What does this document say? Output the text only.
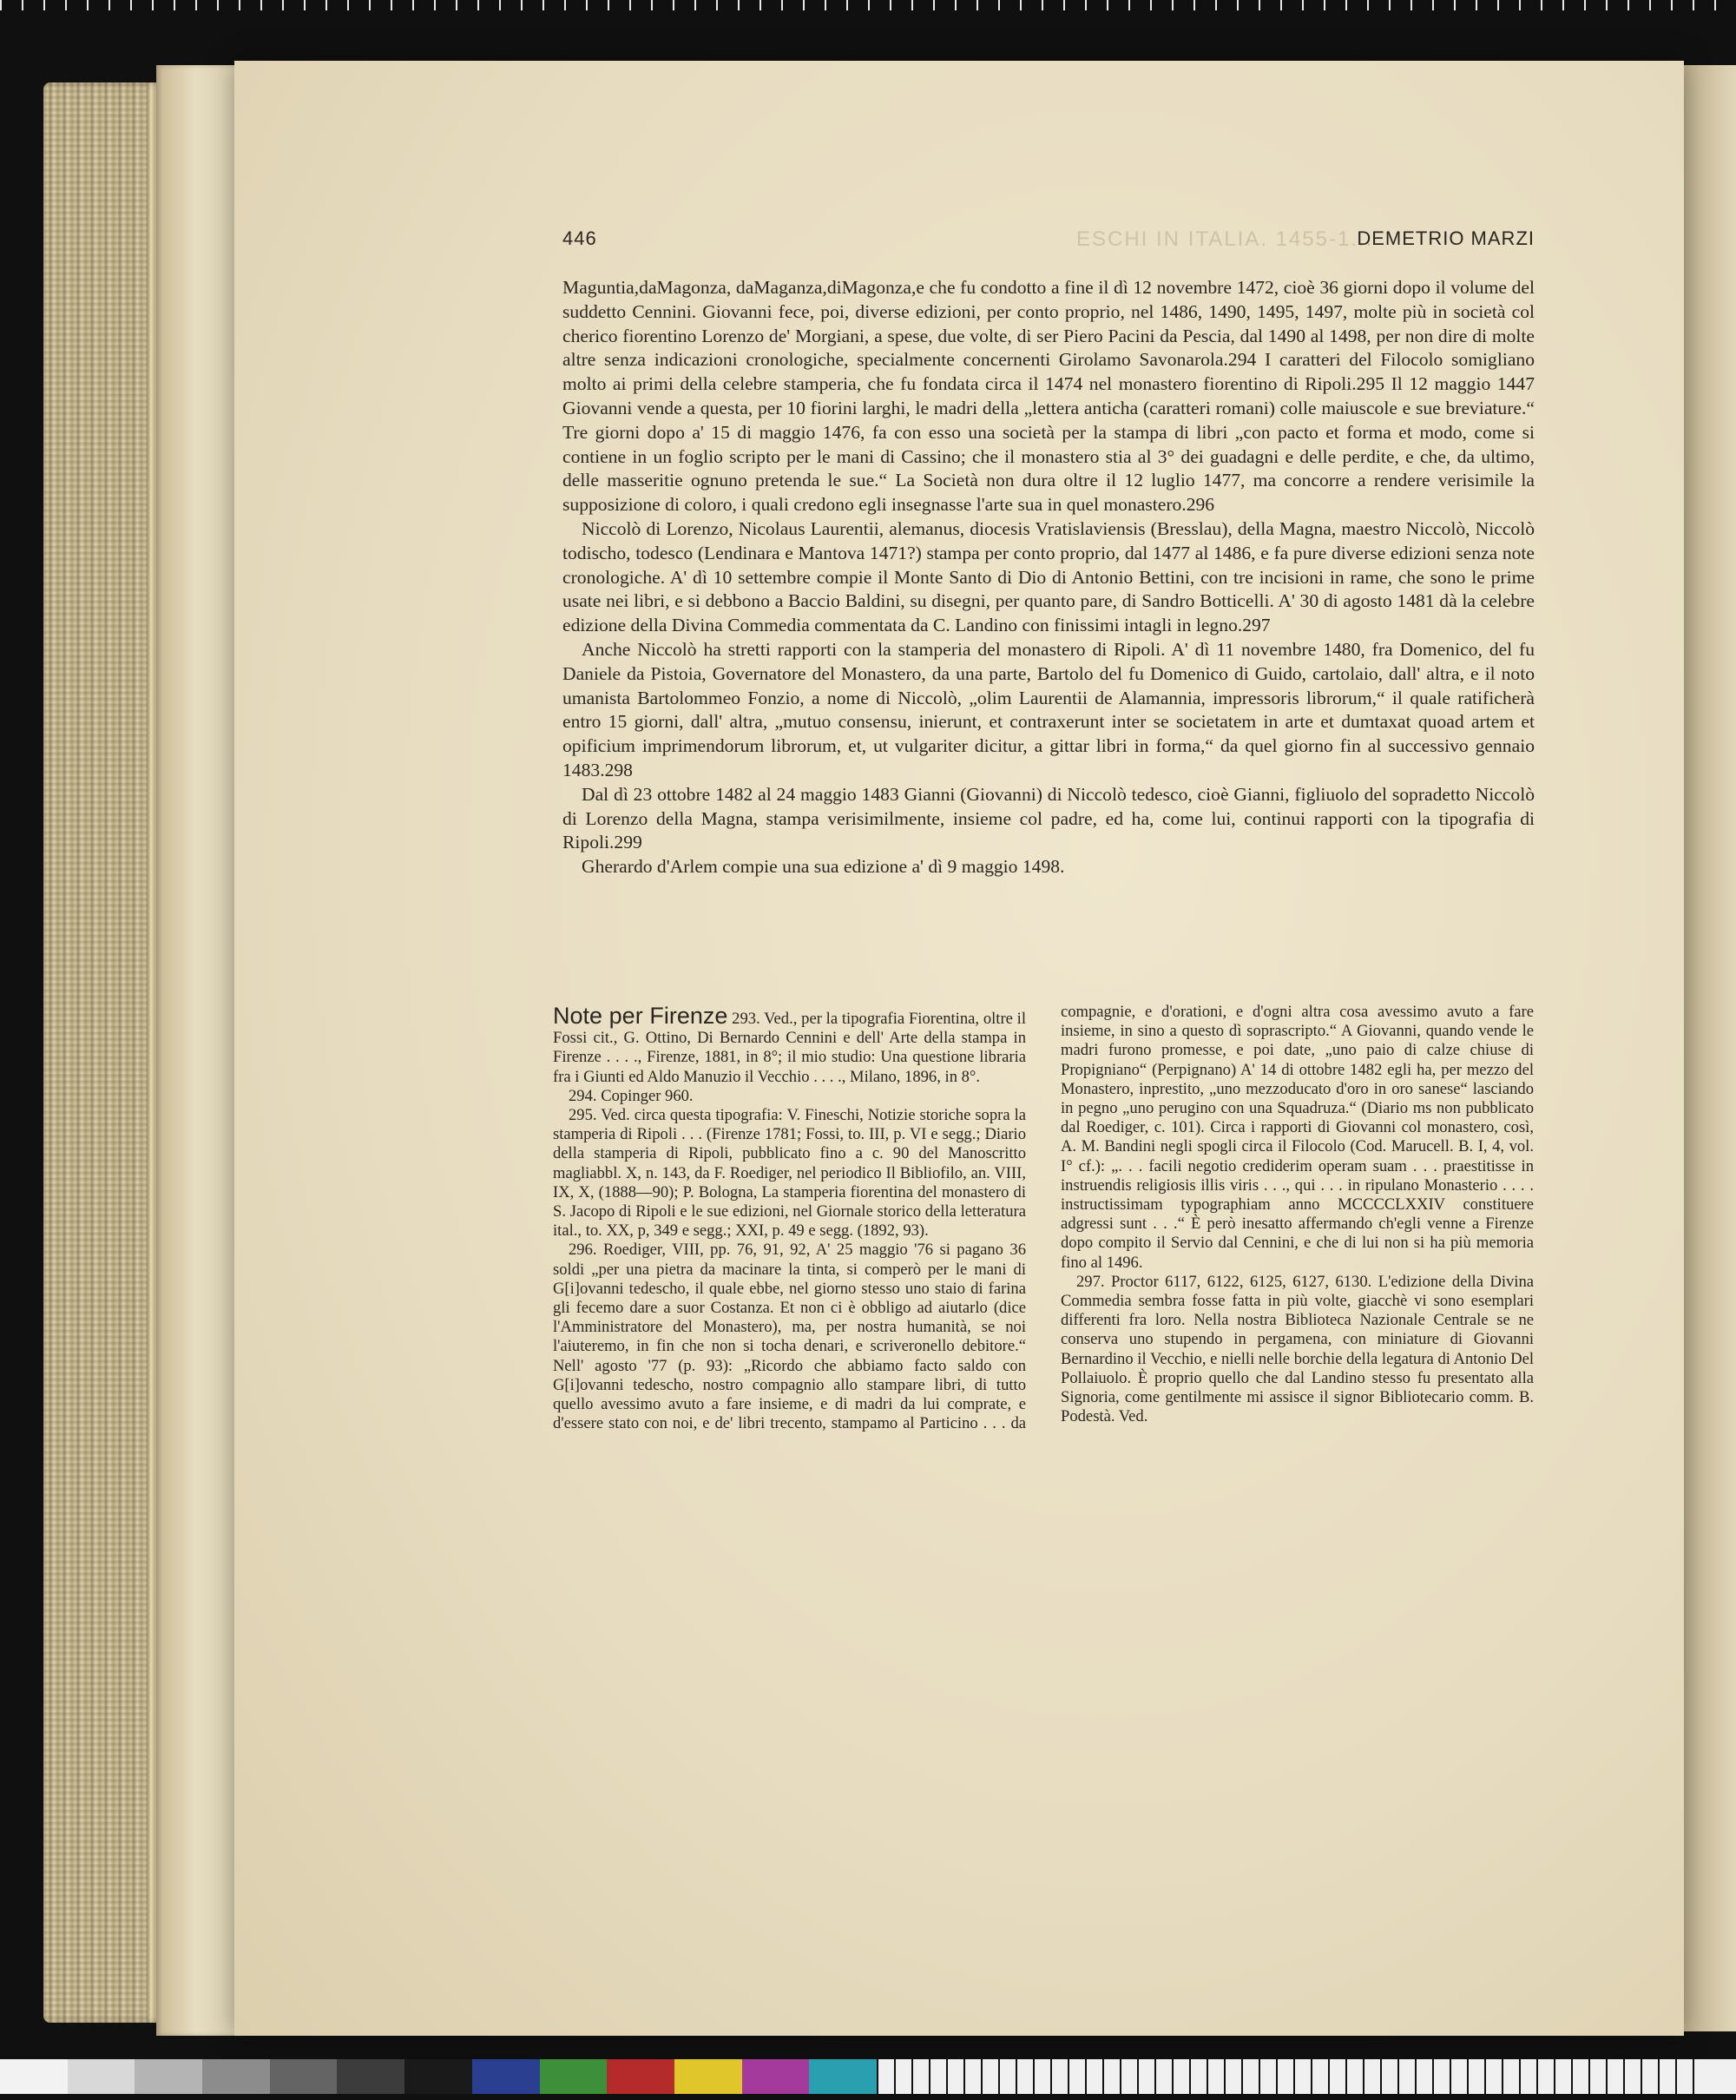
ESCHI IN ITALIA. 1455-1...
446	DEMETRIO MARZI

Maguntia,daMagonza, daMaganza,diMagonza,e che fu condotto a fine il dì 12 novembre 1472, cioè 36 giorni dopo il volume del suddetto Cennini. Giovanni fece, poi, diverse edizioni, per conto proprio, nel 1486, 1490, 1495, 1497, molte più in società col cherico fiorentino Lorenzo de' Morgiani, a spese, due volte, di ser Piero Pacini da Pescia, dal 1490 al 1498, per non dire di molte altre senza indicazioni cronologiche, specialmente concernenti Girolamo Savonarola.294 I caratteri del Filocolo somigliano molto ai primi della celebre stamperia, che fu fondata circa il 1474 nel monastero fiorentino di Ripoli.295 Il 12 maggio 1447 Giovanni vende a questa, per 10 fiorini larghi, le madri della „lettera anticha (caratteri romani) colle maiuscole e sue breviature.“ Tre giorni dopo a' 15 di maggio 1476, fa con esso una società per la stampa di libri „con pacto et forma et modo, come si contiene in un foglio scripto per le mani di Cassino; che il monastero stia al 3° dei guadagni e delle perdite, e che, da ultimo, delle masseritie ognuno pretenda le sue.“ La Società non dura oltre il 12 luglio 1477, ma concorre a rendere verisimile la supposizione di coloro, i quali credono egli insegnasse l'arte sua in quel monastero.296

Niccolò di Lorenzo, Nicolaus Laurentii, alemanus, diocesis Vratislaviensis (Bresslau), della Magna, maestro Niccolò, Niccolò todischo, todesco (Lendinara e Mantova 1471?) stampa per conto proprio, dal 1477 al 1486, e fa pure diverse edizioni senza note cronologiche. A' dì 10 settembre compie il Monte Santo di Dio di Antonio Bettini, con tre incisioni in rame, che sono le prime usate nei libri, e si debbono a Baccio Baldini, su disegni, per quanto pare, di Sandro Botticelli. A' 30 di agosto 1481 dà la celebre edizione della Divina Commedia commentata da C. Landino con finissimi intagli in legno.297

Anche Niccolò ha stretti rapporti con la stamperia del monastero di Ripoli. A' dì 11 novembre 1480, fra Domenico, del fu Daniele da Pistoia, Governatore del Monastero, da una parte, Bartolo del fu Domenico di Guido, cartolaio, dall' altra, e il noto umanista Bartolommeo Fonzio, a nome di Niccolò, „olim Laurentii de Alamannia, impressoris librorum,“ il quale ratificherà entro 15 giorni, dall' altra, „mutuo consensu, inierunt, et contraxerunt inter se societatem in arte et dumtaxat quoad artem et opificium imprimendorum librorum, et, ut vulgariter dicitur, a gittar libri in forma,“ da quel giorno fin al successivo gennaio 1483.298

Dal dì 23 ottobre 1482 al 24 maggio 1483 Gianni (Giovanni) di Niccolò tedesco, cioè Gianni, figliuolo del sopradetto Niccolò di Lorenzo della Magna, stampa verisimilmente, insieme col padre, ed ha, come lui, continui rapporti con la tipografia di Ripoli.299

Gherardo d'Arlem compie una sua edizione a' dì 9 maggio 1498.

Note per Firenze 293. Ved., per la tipografia Fiorentina, oltre il Fossi cit., G. Ottino, Di Bernardo Cennini e dell' Arte della stampa in Firenze . . . ., Firenze, 1881, in 8°; il mio studio: Una questione libraria fra i Giunti ed Aldo Manuzio il Vecchio . . . ., Milano, 1896, in 8°.

294. Copinger 960.

295. Ved. circa questa tipografia: V. Fineschi, Notizie storiche sopra la stamperia di Ripoli . . . (Firenze 1781; Fossi, to. III, p. VI e segg.; Diario della stamperia di Ripoli, pubblicato fino a c. 90 del Manoscritto magliabbl. X, n. 143, da F. Roediger, nel periodico Il Bibliofilo, an. VIII, IX, X, (1888—90); P. Bologna, La stamperia fiorentina del monastero di S. Jacopo di Ripoli e le sue edizioni, nel Giornale storico della letteratura ital., to. XX, p, 349 e segg.; XXI, p. 49 e segg. (1892, 93).

296. Roediger, VIII, pp. 76, 91, 92, A' 25 maggio '76 si pagano 36 soldi „per una pietra da macinare la tinta, si comperò per le mani di G[i]ovanni tedescho, il quale ebbe, nel giorno stesso uno staio di farina gli fecemo dare a suor Costanza. Et non ci è obbligo ad aiutarlo (dice l'Amministratore del Monastero), ma, per nostra humanità, se noi l'aiuteremo, in fin che non si tocha denari, e scriveronello debitore.“ Nell' agosto '77 (p. 93): „Ricordo che abbiamo facto saldo con G[i]ovanni tedescho, nostro compagnio allo stampare libri, di tutto quello avessimo avuto a fare insieme, e di madri da lui comprate, e d'essere stato con noi, e de' libri trecento, stampamo al Particino . . . da compagnie, e d'orationi, e d'ogni altra cosa avessimo avuto a fare insieme, in sino a questo dì soprascripto.“ A Giovanni, quando vende le madri furono promesse, e poi date, „uno paio di calze chiuse di Propigniano“ (Perpignano) A' 14 di ottobre 1482 egli ha, per mezzo del Monastero, inprestito, „uno mezzoducato d'oro in oro sanese“ lasciando in pegno „uno perugino con una Squadruza.“ (Diario ms non pubblicato dal Roediger, c. 101). Circa i rapporti di Giovanni col monastero, così, A. M. Bandini negli spogli circa il Filocolo (Cod. Marucell. B. I, 4, vol. I° cf.): „. . . facili negotio crediderim operam suam . . . praestitisse in instruendis religiosis illis viris . . ., qui . . . in ripulano Monasterio . . . . instructissimam typographiam anno MCCCCLXXIV constituere adgressi sunt . . .“ È però inesatto affermando ch'egli venne a Firenze dopo compito il Servio dal Cennini, e che di lui non si ha più memoria fino al 1496.

297. Proctor 6117, 6122, 6125, 6127, 6130. L'edizione della Divina Commedia sembra fosse fatta in più volte, giacchè vi sono esemplari differenti fra loro. Nella nostra Biblioteca Nazionale Centrale se ne conserva uno stupendo in pergamena, con miniature di Giovanni Bernardino il Vecchio, e nielli nelle borchie della legatura di Antonio Del Pollaiuolo. È proprio quello che dal Landino stesso fu presentato alla Signoria, come gentilmente mi assisce il signor Bibliotecario comm. B. Podestà. Ved.
